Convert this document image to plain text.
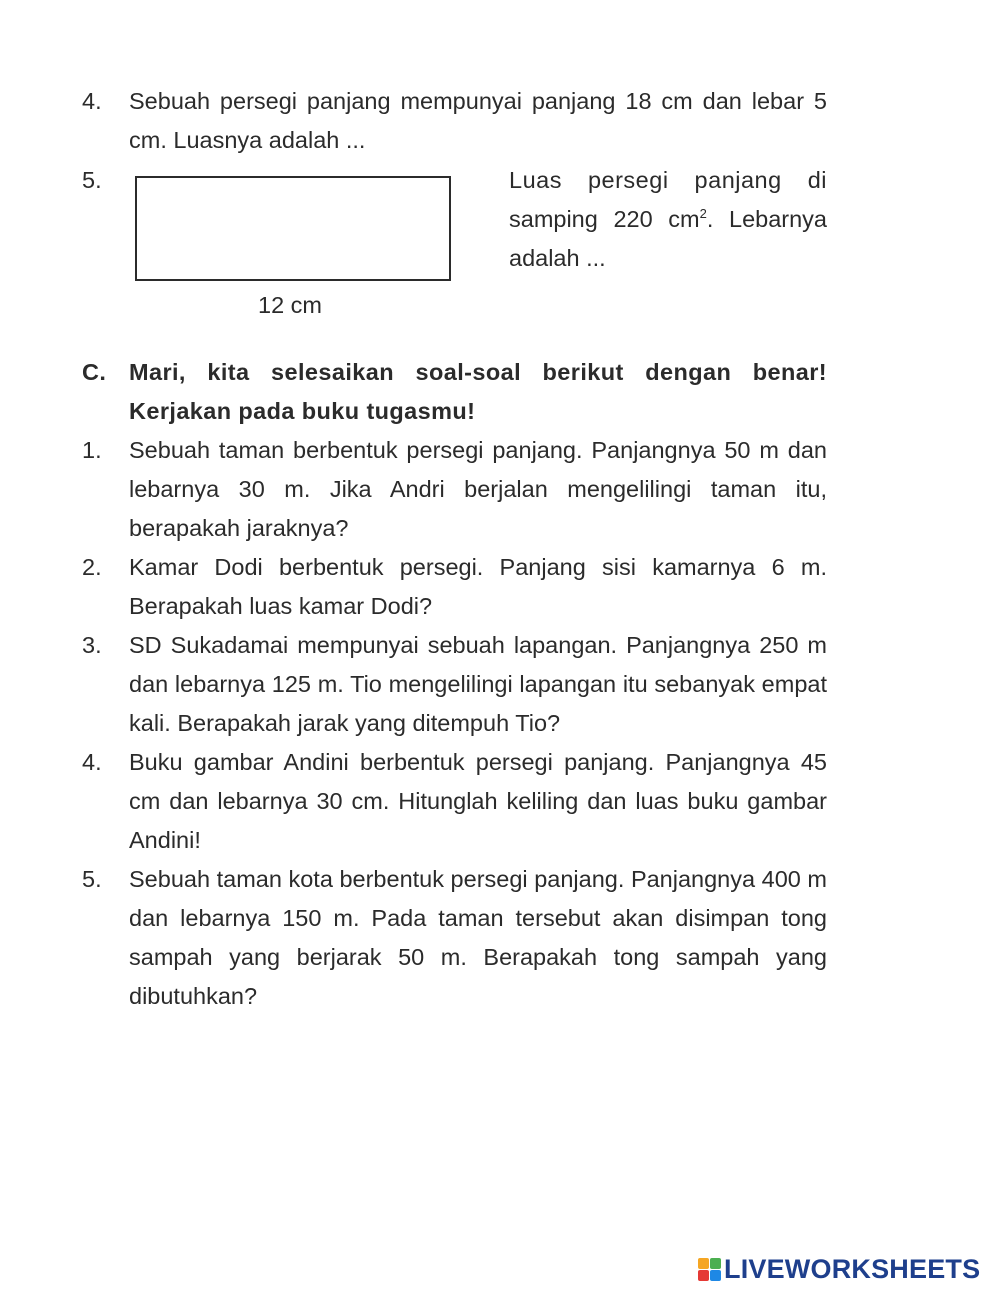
4.	Sebuah persegi panjang mempunyai panjang 18 cm dan lebar 5 cm. Luasnya adalah ...
5.
12 cm
Luas persegi panjang di
samping 220 $cm^2$. Lebarnya
adalah ...
C. Mari, kita selesaikan soal-soal berikut dengan benar! Kerjakan pada buku tugasmu!
1.	Sebuah taman berbentuk persegi panjang. Panjangnya 50 m dan lebarnya 30 m. Jika Andri berjalan mengelilingi taman itu, berapakah jaraknya?
2.	Kamar Dodi berbentuk persegi. Panjang sisi kamarnya 6 m. Berapakah luas kamar Dodi?
3.	SD Sukadamai mempunyai sebuah lapangan. Panjangnya 250 m dan lebarnya 125 m. Tio mengelilingi lapangan itu sebanyak empat kali. Berapakah jarak yang ditempuh Tio?
4.	Buku gambar Andini berbentuk persegi panjang. Panjangnya 45 cm dan lebarnya 30 cm. Hitunglah keliling dan luas buku gambar Andini!
5.	Sebuah taman kota berbentuk persegi panjang. Panjangnya 400 m dan lebarnya 150 m. Pada taman tersebut akan disimpan tong sampah yang berjarak 50 m. Berapakah tong sampah yang dibutuhkan?
LIVEWORKSHEETS
